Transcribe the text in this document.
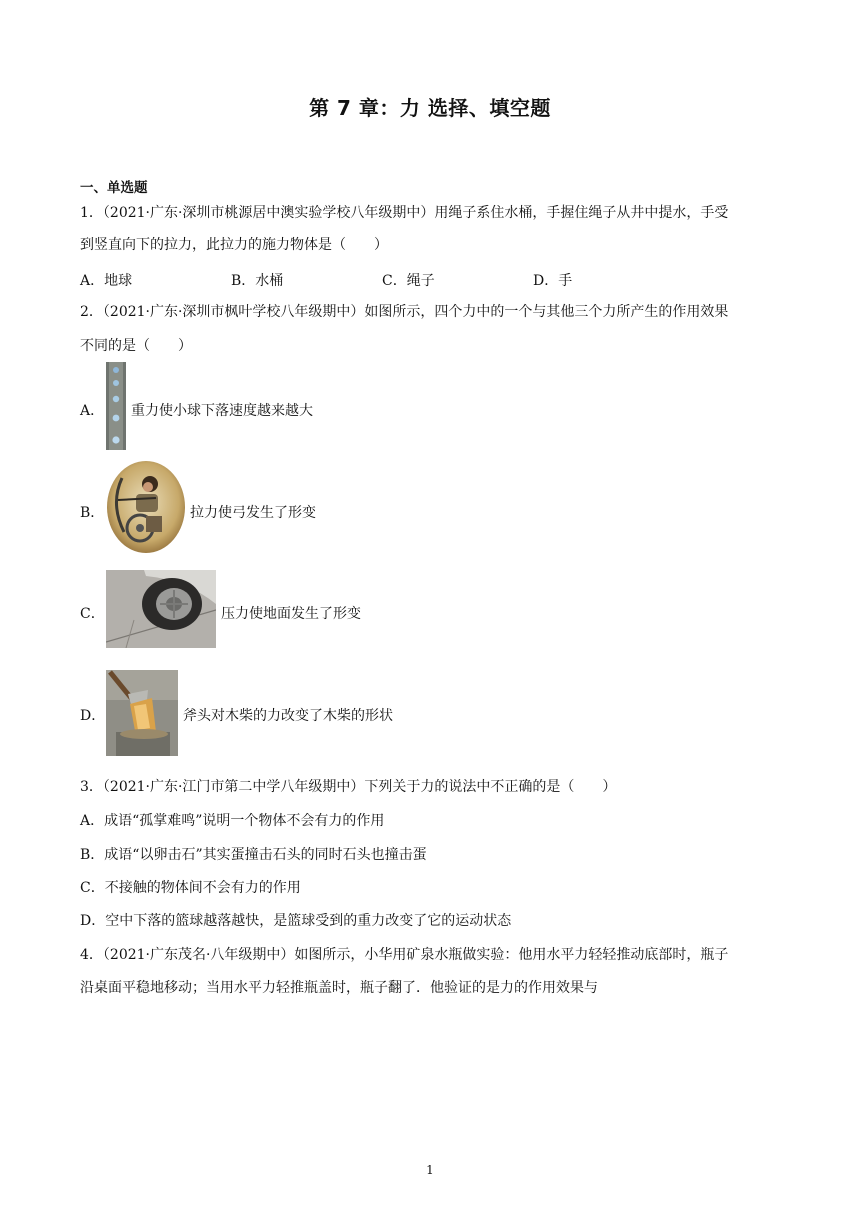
第 7 章：力 选择、填空题
一、单选题
1．（2021·广东·深圳市桃源居中澳实验学校八年级期中）用绳子系住水桶，手握住绳子从井中提水，手受
到竖直向下的拉力，此拉力的施力物体是（　　）
A．地球	B．水桶	C．绳子	D．手
2．（2021·广东·深圳市枫叶学校八年级期中）如图所示，四个力中的一个与其他三个力所产生的作用效果
不同的是（　　）
A． 重力使小球下落速度越来越大
B．	拉力使弓发生了形变
C．	压力使地面发生了形变
D．	斧头对木柴的力改变了木柴的形状
3．（2021·广东·江门市第二中学八年级期中）下列关于力的说法中不正确的是（　　）
A．成语“孤掌难鸣”说明一个物体不会有力的作用
B．成语“以卵击石”其实蛋撞击石头的同时石头也撞击蛋
C．不接触的物体间不会有力的作用
D．空中下落的篮球越落越快，是篮球受到的重力改变了它的运动状态
4．（2021·广东茂名·八年级期中）如图所示，小华用矿泉水瓶做实验：他用水平力轻轻推动底部时，瓶子
沿桌面平稳地移动；当用水平力轻推瓶盖时，瓶子翻了．他验证的是力的作用效果与
1
